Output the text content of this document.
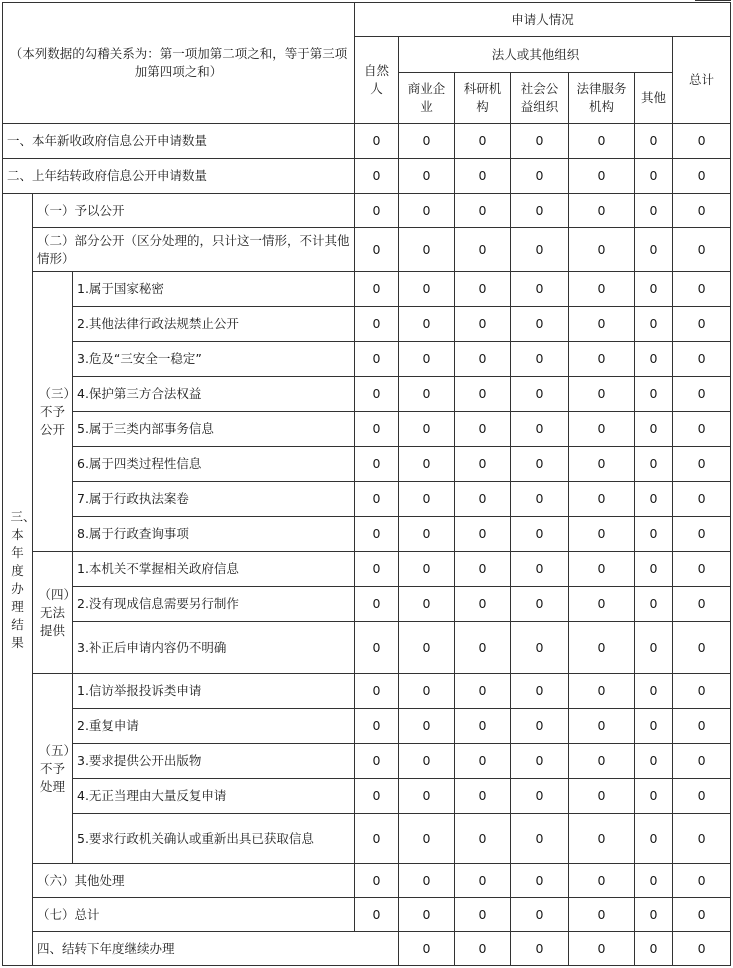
（本列数据的勾稽关系为：第一项加第二项之和，等于第三项加第四项之和）			申请人情况							
			自然人	法人或其他组织					总计	
				商业企业	科研机构	社会公益组织	法律服务机构	其他		
一、本年新收政府信息公开申请数量			0	0	0	0	0	0	0	
二、上年结转政府信息公开申请数量			0	0	0	0	0	0	0	

三、本年度办理结果	（一）予以公开		0	0	0	0	0	0	0	
	（二）部分公开（区分处理的，只计这一情形，不计其他情形）		0	0	0	0	0	0	0	

	（三）不予公开	1.属于国家秘密	0	0	0	0	0	0	0	
		2.其他法律行政法规禁止公开	0	0	0	0	0	0	0	
		3.危及“三安全一稳定”	0	0	0	0	0	0	0	
		4.保护第三方合法权益	0	0	0	0	0	0	0	
		5.属于三类内部事务信息	0	0	0	0	0	0	0	
		6.属于四类过程性信息	0	0	0	0	0	0	0	
		7.属于行政执法案卷	0	0	0	0	0	0	0	
		8.属于行政查询事项	0	0	0	0	0	0	0	

	（四）无法提供	1.本机关不掌握相关政府信息	0	0	0	0	0	0	0	
		2.没有现成信息需要另行制作	0	0	0	0	0	0	0	
		3.补正后申请内容仍不明确	0	0	0	0	0	0	0	

	（五）不予处理	1.信访举报投诉类申请	0	0	0	0	0	0	0	
		2.重复申请	0	0	0	0	0	0	0	
		3.要求提供公开出版物	0	0	0	0	0	0	0	
		4.无正当理由大量反复申请	0	0	0	0	0	0	0	
		5.要求行政机关确认或重新出具已获取信息	0	0	0	0	0	0	0	
	（六）其他处理		0	0	0	0	0	0	0	
	（七）总计		0	0	0	0	0	0	0	
	四、结转下年度继续办理			0	0	0	0	0	0	
